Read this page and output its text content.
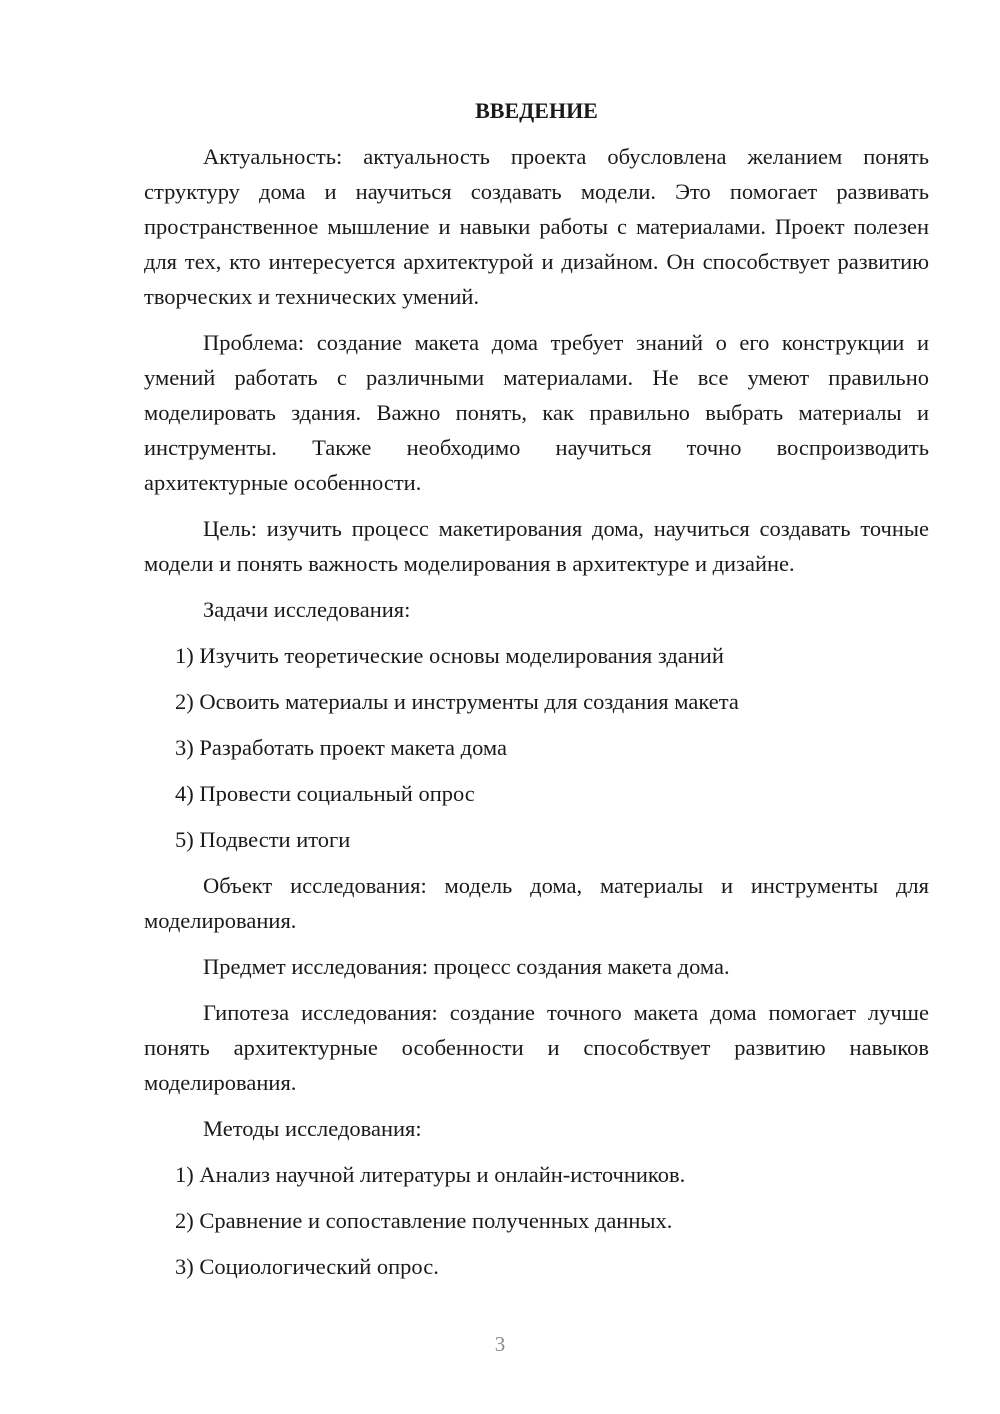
ВВЕДЕНИЕ

Актуальность: актуальность проекта обусловлена желанием понять структуру дома и научиться создавать модели. Это помогает развивать пространственное мышление и навыки работы с материалами. Проект полезен для тех, кто интересуется архитектурой и дизайном. Он способствует развитию творческих и технических умений.

Проблема: создание макета дома требует знаний о его конструкции и умений работать с различными материалами. Не все умеют правильно моделировать здания. Важно понять, как правильно выбрать материалы и инструменты. Также необходимо научиться точно воспроизводить архитектурные особенности.

Цель: изучить процесс макетирования дома, научиться создавать точные модели и понять важность моделирования в архитектуре и дизайне.

Задачи исследования:

1) Изучить теоретические основы моделирования зданий

2) Освоить материалы и инструменты для создания макета

3) Разработать проект макета дома

4) Провести социальный опрос

5) Подвести итоги

Объект исследования: модель дома, материалы и инструменты для моделирования.

Предмет исследования: процесс создания макета дома.

Гипотеза исследования: создание точного макета дома помогает лучше понять архитектурные особенности и способствует развитию навыков моделирования.

Методы исследования:

1) Анализ научной литературы и онлайн-источников.

2) Сравнение и сопоставление полученных данных.

3) Социологический опрос.

3
